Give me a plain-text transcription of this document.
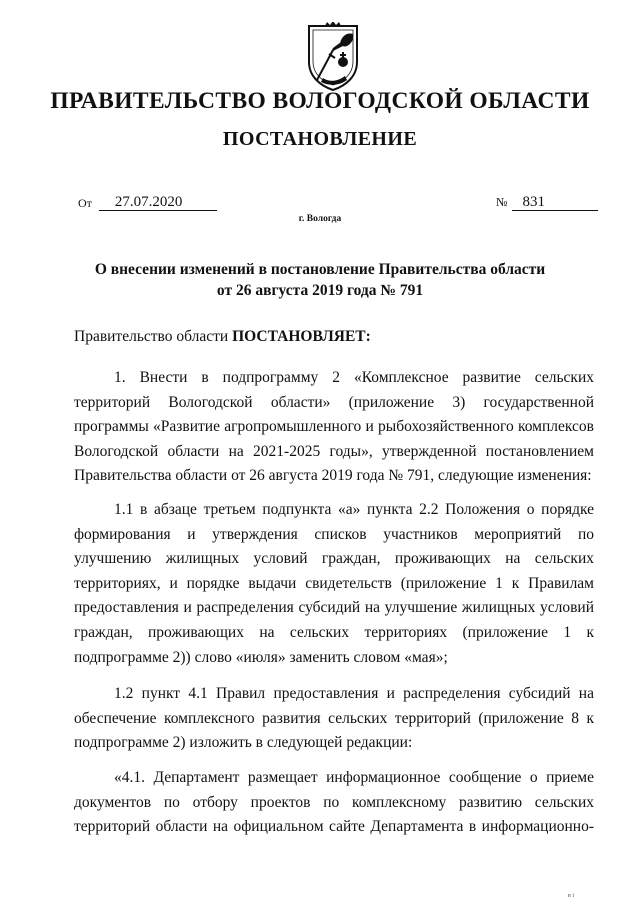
ПРАВИТЕЛЬСТВО ВОЛОГОДСКОЙ ОБЛАСТИ
ПОСТАНОВЛЕНИЕ
От 27.07.2020	№ 831
г. Вологда
О внесении изменений в постановление Правительства области
от 26 августа 2019 года № 791
Правительство области ПОСТАНОВЛЯЕТ:
1. Внести в подпрограмму 2 «Комплексное развитие сельских территорий Вологодской области» (приложение 3) государственной программы «Развитие агропромышленного и рыбохозяйственного комплексов Вологодской области на 2021-2025 годы», утвержденной постановлением Правительства области от 26 августа 2019 года № 791, следующие изменения:
1.1 в абзаце третьем подпункта «а» пункта 2.2 Положения о порядке формирования и утверждения списков участников мероприятий по улучшению жилищных условий граждан, проживающих на сельских территориях, и порядке выдачи свидетельств (приложение 1 к Правилам предоставления и распределения субсидий на улучшение жилищных условий граждан, проживающих на сельских территориях (приложение 1 к подпрограмме 2)) слово «июля» заменить словом «мая»;
1.2 пункт 4.1 Правил предоставления и распределения субсидий на обеспечение комплексного развития сельских территорий (приложение 8 к подпрограмме 2) изложить в следующей редакции:
«4.1. Департамент размещает информационное сообщение о приеме документов по отбору проектов по комплексному развитию сельских территорий области на официальном сайте Департамента в информационно-
в і
